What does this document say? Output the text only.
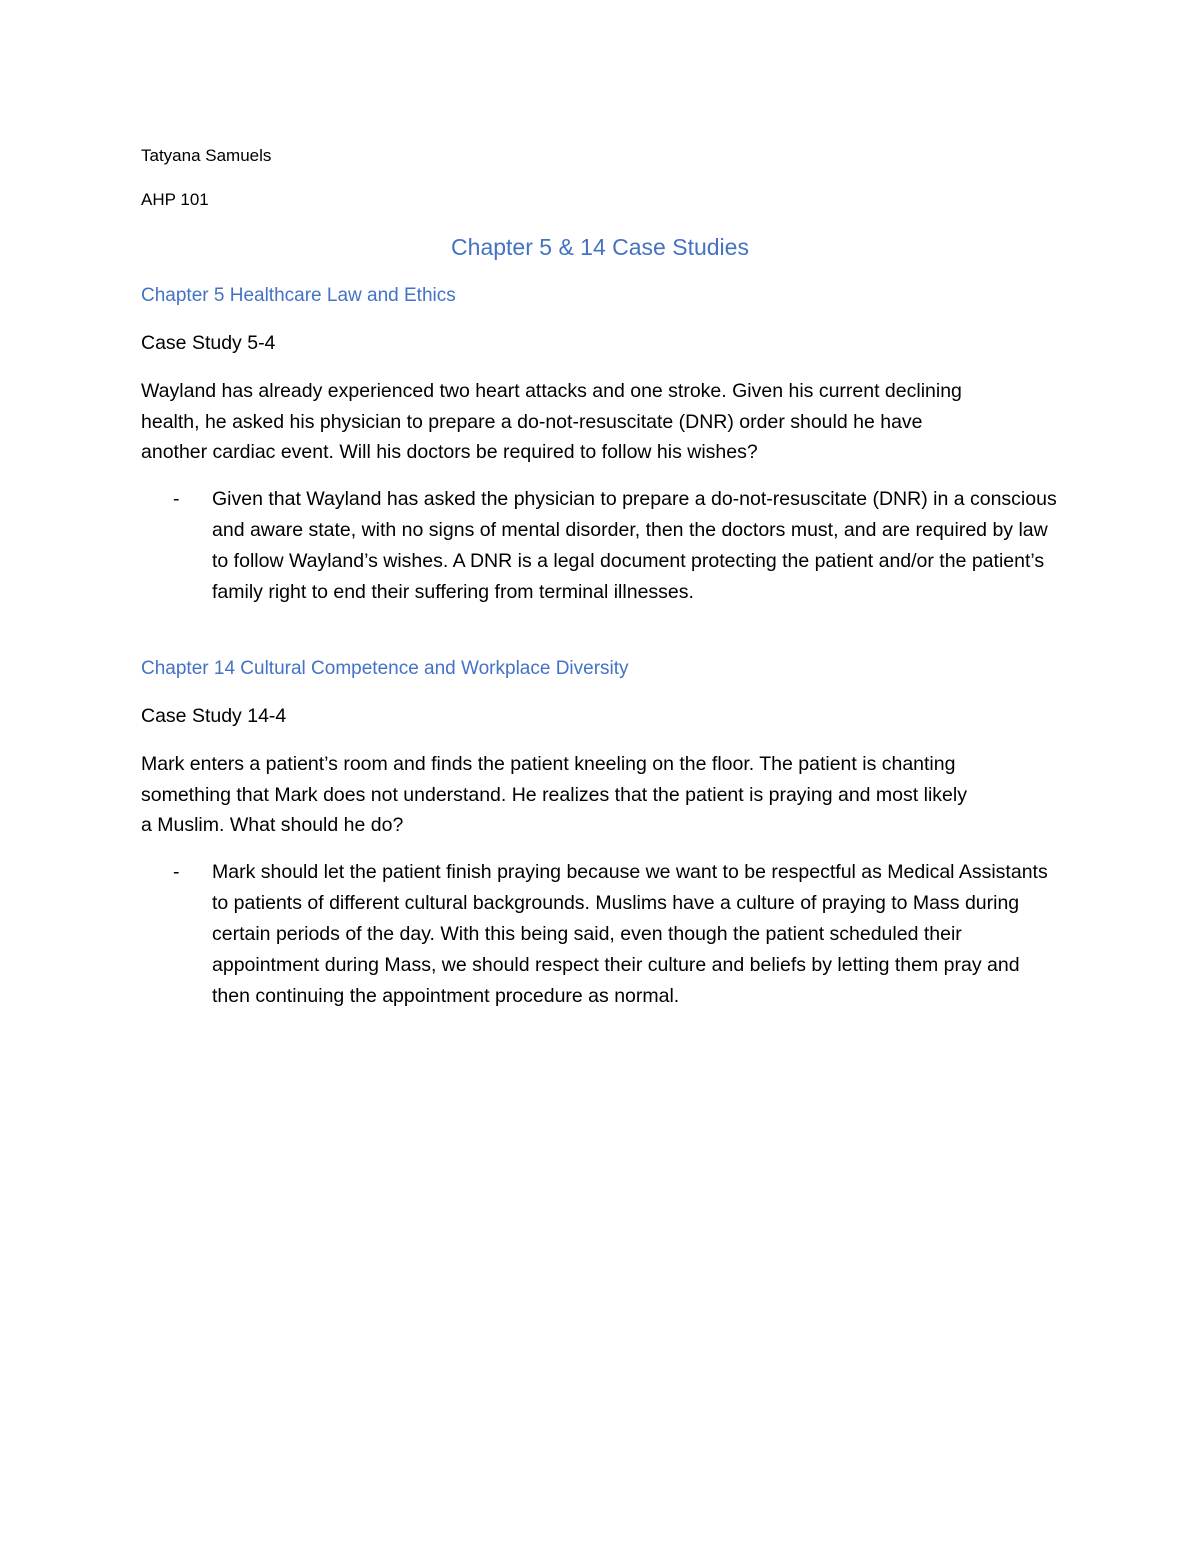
Tatyana Samuels
AHP 101
Chapter 5 & 14 Case Studies
Chapter 5 Healthcare Law and Ethics
Case Study 5-4
Wayland has already experienced two heart attacks and one stroke. Given his current declining health, he asked his physician to prepare a do-not-resuscitate (DNR) order should he have another cardiac event. Will his doctors be required to follow his wishes?
- Given that Wayland has asked the physician to prepare a do-not-resuscitate (DNR) in a conscious and aware state, with no signs of mental disorder, then the doctors must, and are required by law to follow Wayland’s wishes. A DNR is a legal document protecting the patient and/or the patient’s family right to end their suffering from terminal illnesses.
Chapter 14 Cultural Competence and Workplace Diversity
Case Study 14-4
Mark enters a patient’s room and finds the patient kneeling on the floor. The patient is chanting something that Mark does not understand. He realizes that the patient is praying and most likely a Muslim. What should he do?
- Mark should let the patient finish praying because we want to be respectful as Medical Assistants to patients of different cultural backgrounds. Muslims have a culture of praying to Mass during certain periods of the day. With this being said, even though the patient scheduled their appointment during Mass, we should respect their culture and beliefs by letting them pray and then continuing the appointment procedure as normal.
